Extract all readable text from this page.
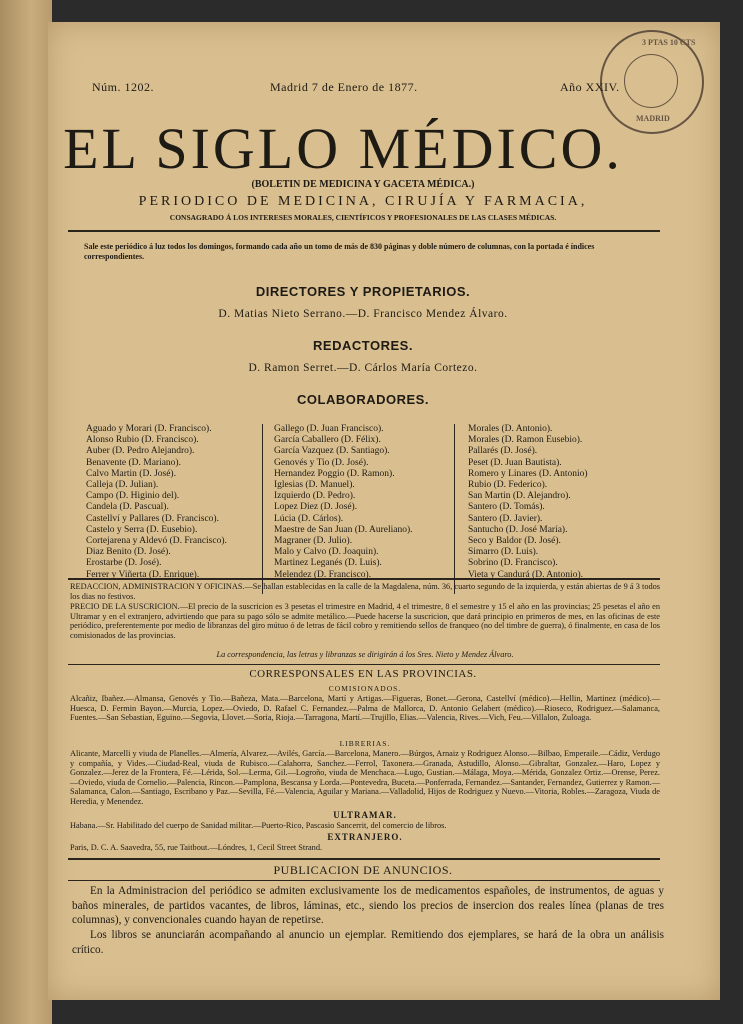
3 PTAS 10 CTS
MADRID
Núm. 1202.	Madrid 7 de Enero de 1877.	Año XXIV.
EL SIGLO MÉDICO.
(BOLETIN DE MEDICINA Y GACETA MÉDICA.)
PERIODICO DE MEDICINA, CIRUJÍA Y FARMACIA,
CONSAGRADO Á LOS INTERESES MORALES, CIENTÍFICOS Y PROFESIONALES DE LAS CLASES MÉDICAS.
Sale este periódico á luz todos los domingos, formando cada año un tomo de más de 830 páginas y doble número de columnas, con la portada é índices correspondientes.
DIRECTORES Y PROPIETARIOS.
D. Matias Nieto Serrano.—D. Francisco Mendez Álvaro.
REDACTORES.
D. Ramon Serret.—D. Cárlos María Cortezo.
COLABORADORES.
Aguado y Morari (D. Francisco).
Alonso Rubio (D. Francisco).
Auber (D. Pedro Alejandro).
Benavente (D. Mariano).
Calvo Martin (D. José).
Calleja (D. Julian).
Campo (D. Higinio del).
Candela (D. Pascual).
Castellví y Pallares (D. Francisco).
Castelo y Serra (D. Eusebio).
Cortejarena y Aldevó (D. Francisco).
Diaz Benito (D. José).
Erostarbe (D. José).
Ferrer y Viñerta (D. Enrique).
Gallego (D. Juan Francisco).
García Caballero (D. Félix).
García Vazquez (D. Santiago).
Genovés y Tio (D. José).
Hernandez Poggio (D. Ramon).
Iglesias (D. Manuel).
Izquierdo (D. Pedro).
Lopez Diez (D. José).
Lúcia (D. Cárlos).
Maestre de San Juan (D. Aureliano).
Magraner (D. Julio).
Malo y Calvo (D. Joaquin).
Martinez Leganés (D. Luis).
Melendez (D. Francisco).
Morales (D. Antonio).
Morales (D. Ramon Eusebio).
Pallarés (D. José).
Peset (D. Juan Bautista).
Romero y Linares (D. Antonio)
Rubio (D. Federico).
San Martin (D. Alejandro).
Santero (D. Tomás).
Santero (D. Javier).
Santucho (D. José María).
Seco y Baldor (D. José).
Simarro (D. Luis).
Sobrino (D. Francisco).
Vieta y Candurá (D. Antonio).
REDACCION, ADMINISTRACION Y OFICINAS.—Se hallan establecidas en la calle de la Magdalena, núm. 36, cuarto segundo de la izquierda, y están abiertas de 9 á 3 todos los dias no festivos.
PRECIO DE LA SUSCRICION.—El precio de la suscricion es 3 pesetas el trimestre en Madrid, 4 el trimestre, 8 el semestre y 15 el año en las provincias; 25 pesetas el año en Ultramar y en el extranjero, advirtiendo que para su pago sólo se admite metálico.—Puede hacerse la suscricion, que dará principio en primeros de mes, en las oficinas de este periódico, preferentemente por medio de libranzas del giro mútuo ó de letras de fácil cobro y remitiendo sellos de franqueo (no del timbre de guerra), ó finalmente, en casa de los comisionados de las provincias.
La correspondencia, las letras y libranzas se dirigirán á los Sres. Nieto y Mendez Álvaro.
CORRESPONSALES EN LAS PROVINCIAS.
COMISIONADOS.
Alcañiz, Ibañez.—Almansa, Genovés y Tio.—Bañeza, Mata.—Barcelona, Martí y Artigas.—Figueras, Bonet.—Gerona, Castellví (médico).—Hellin, Martinez (médico).—Huesca, D. Fermin Bayon.—Murcia, Lopez.—Oviedo, D. Rafael C. Fernandez.—Palma de Mallorca, D. Antonio Gelabert (médico).—Rioseco, Rodriguez.—Salamanca, Fuentes.—San Sebastian, Eguino.—Segovia, Llovet.—Soria, Rioja.—Tarragona, Martí.—Trujillo, Elias.—Valencia, Rives.—Vich, Feu.—Villalon, Zuloaga.
LIBRERIAS.
Alicante, Marcelli y viuda de Planelles.—Almería, Alvarez.—Avilés, García.—Barcelona, Manero.—Búrgos, Arnaiz y Rodriguez Alonso.—Bilbao, Emperaile.—Cádiz, Verdugo y compañía, y Vides.—Ciudad-Real, viuda de Rubisco.—Calahorra, Sanchez.—Ferrol, Taxonera.—Granada, Astudillo, Alonso.—Gibraltar, Gonzalez.—Haro, Lopez y Gonzalez.—Jerez de la Frontera, Fé.—Lérida, Sol.—Lerma, Gil.—Logroño, viuda de Menchaca.—Lugo, Gustian.—Málaga, Moya.—Mérida, Gonzalez Ortiz.—Orense, Perez.—Oviedo, viuda de Cornelio.—Palencia, Rincon.—Pamplona, Bescansa y Lorda.—Pontevedra, Buceta.—Ponferrada, Fernandez.—Santander, Fernandez, Gutierrez y Ramon.—Salamanca, Calon.—Santiago, Escribano y Paz.—Sevilla, Fé.—Valencia, Aguilar y Mariana.—Valladolid, Hijos de Rodriguez y Nuevo.—Vitoria, Robles.—Zaragoza, Viuda de Heredia, y Menendez.
ULTRAMAR.
Habana.—Sr. Habilitado del cuerpo de Sanidad militar.—Puerto-Rico, Pascasio Sancerrit, del comercio de libros.
EXTRANJERO.
Paris, D. C. A. Saavedra, 55, rue Taitbout.—Lóndres, 1, Cecil Street Strand.
PUBLICACION DE ANUNCIOS.
En la Administracion del periódico se admiten exclusivamente los de medicamentos españoles, de instrumentos, de aguas y baños minerales, de partidos vacantes, de libros, láminas, etc., siendo los precios de insercion dos reales línea (planas de tres columnas), y convencionales cuando hayan de repetirse.
Los libros se anunciarán acompañando al anuncio un ejemplar. Remitiendo dos ejemplares, se hará de la obra un análisis crítico.
